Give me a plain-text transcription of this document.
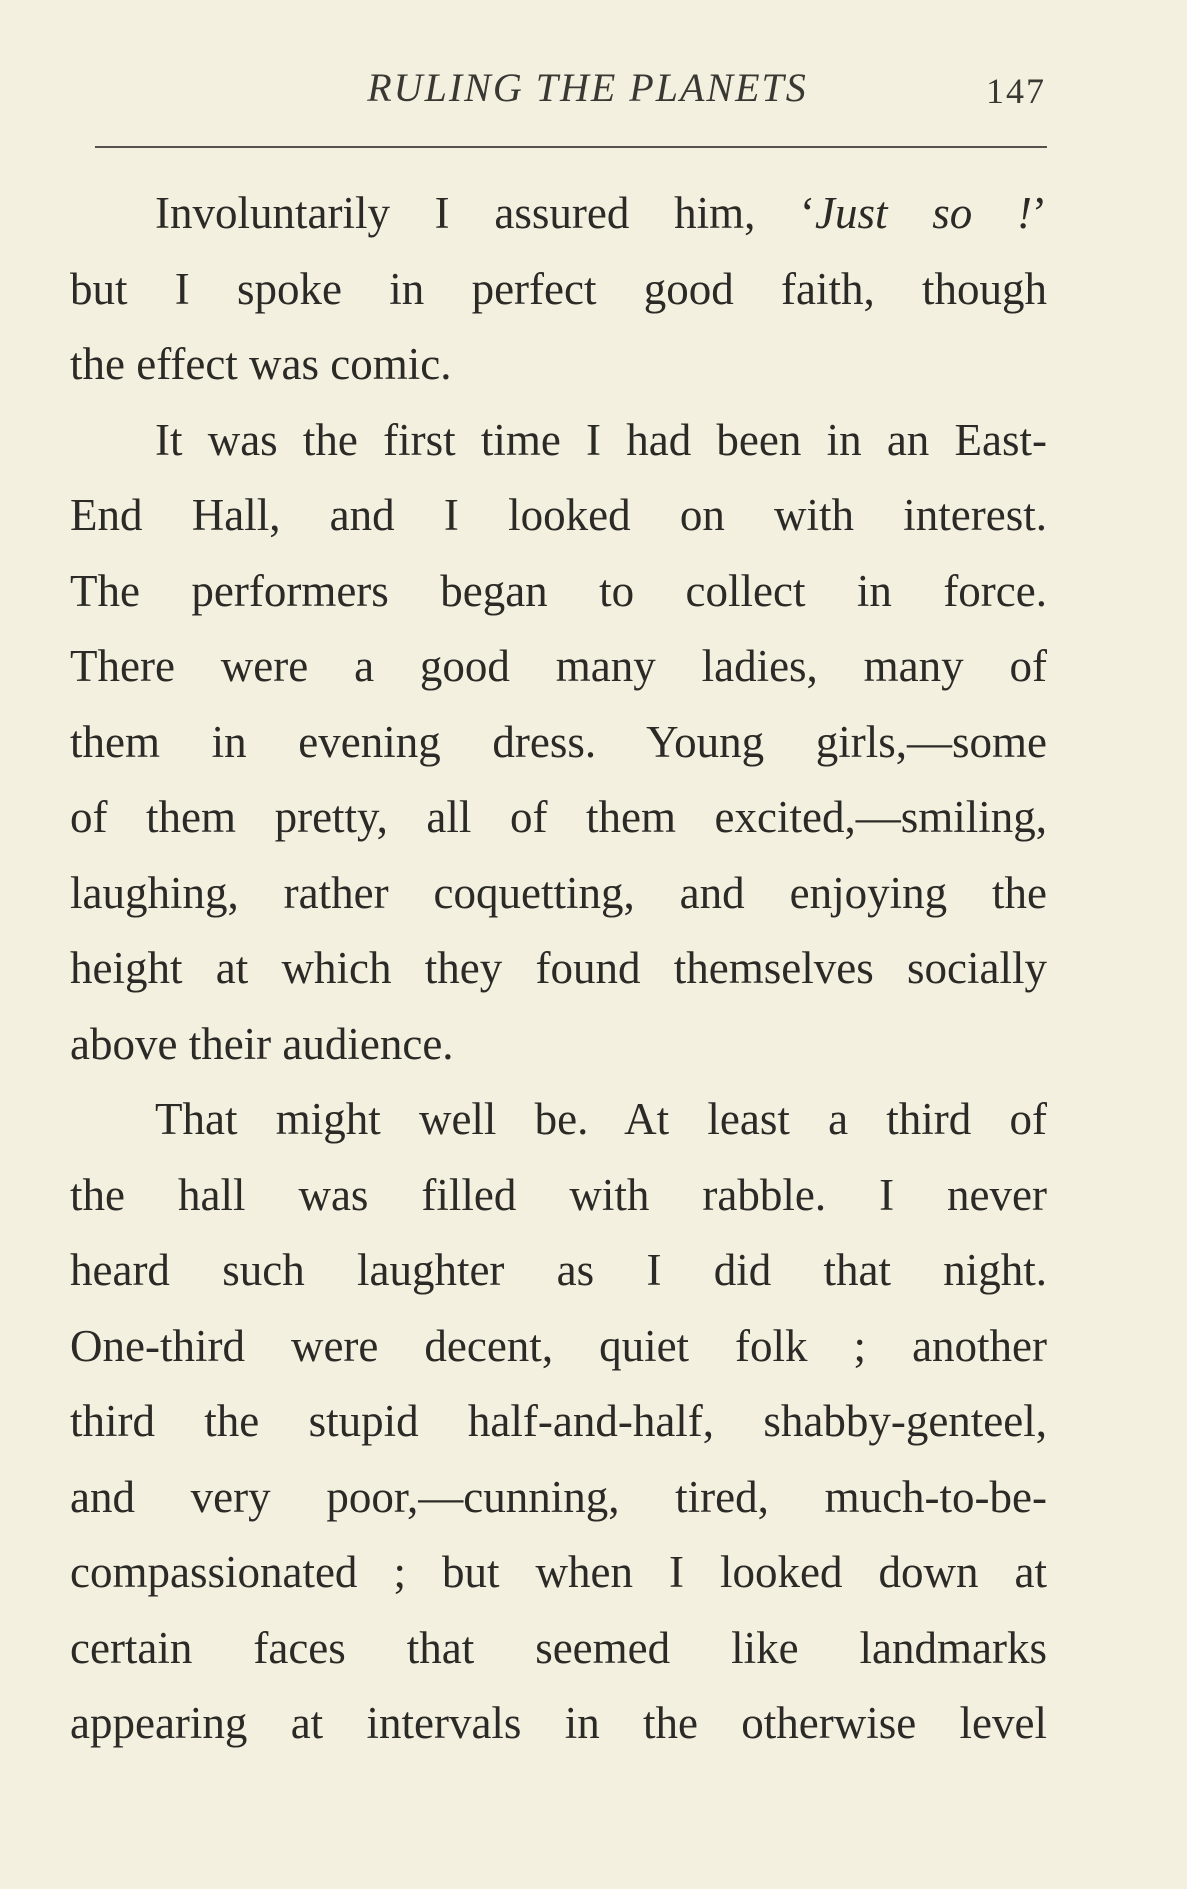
RULING THE PLANETS	147
Involuntarily I assured him, ‘Just so !’
but I spoke in perfect good faith, though
the effect was comic.
It was the first time I had been in an East-
End Hall, and I looked on with interest.
The performers began to collect in force.
There were a good many ladies, many of
them in evening dress. Young girls,—some
of them pretty, all of them excited,—smiling,
laughing, rather coquetting, and enjoying the
height at which they found themselves socially
above their audience.
That might well be. At least a third of
the hall was filled with rabble. I never
heard such laughter as I did that night.
One-third were decent, quiet folk ; another
third the stupid half-and-half, shabby-genteel,
and very poor,—cunning, tired, much-to-be-
compassionated ; but when I looked down at
certain faces that seemed like landmarks
appearing at intervals in the otherwise level
